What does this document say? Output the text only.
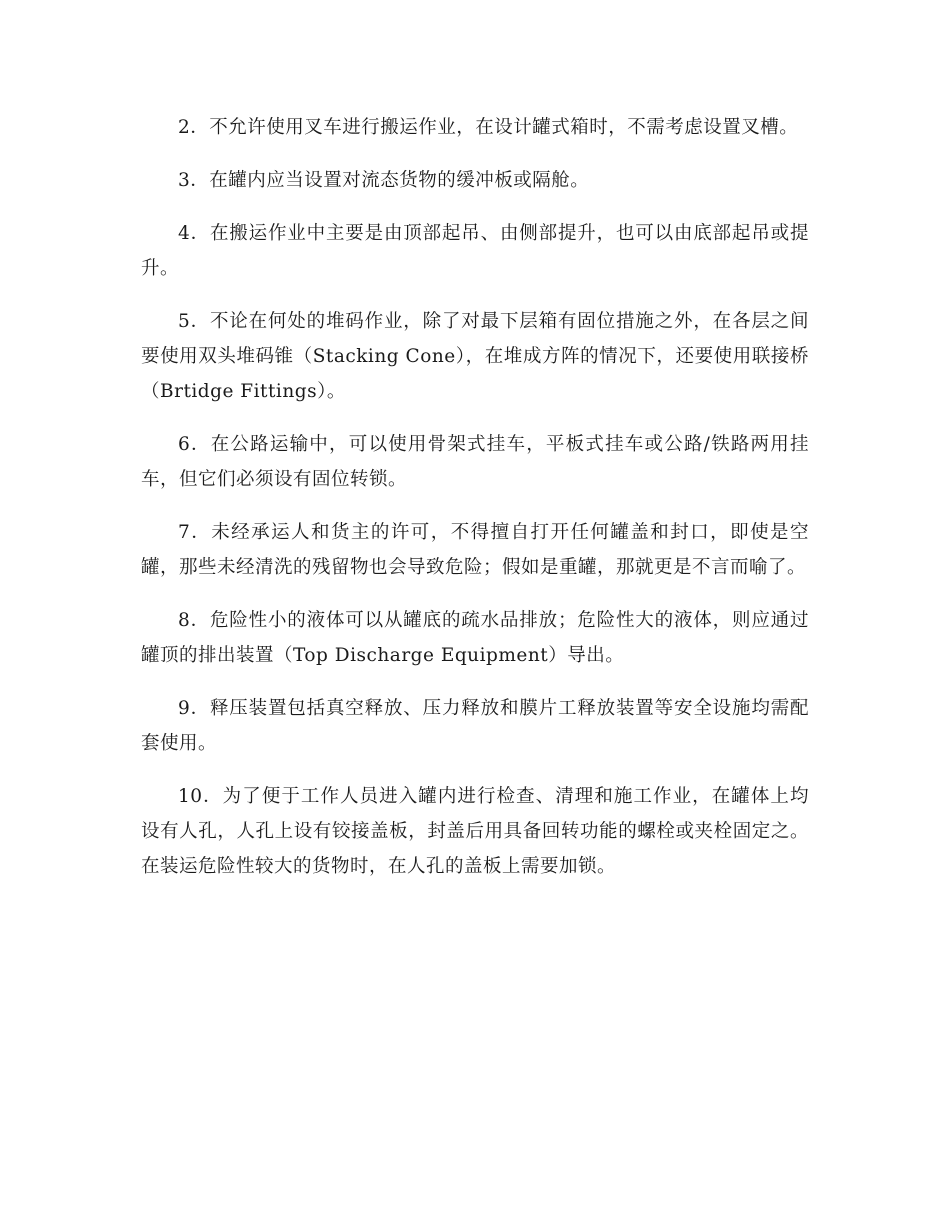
2．不允许使用叉车进行搬运作业，在设计罐式箱时，不需考虑设置叉槽。

3．在罐内应当设置对流态货物的缓冲板或隔舱。

4．在搬运作业中主要是由顶部起吊、由侧部提升，也可以由底部起吊或提升。

5．不论在何处的堆码作业，除了对最下层箱有固位措施之外，在各层之间要使用双头堆码锥（Stacking Cone），在堆成方阵的情况下，还要使用联接桥（Brtidge Fittings）。

6．在公路运输中，可以使用骨架式挂车，平板式挂车或公路/铁路两用挂车，但它们必须设有固位转锁。

7．未经承运人和货主的许可，不得擅自打开任何罐盖和封口，即使是空罐，那些未经清洗的残留物也会导致危险；假如是重罐，那就更是不言而喻了。

8．危险性小的液体可以从罐底的疏水品排放；危险性大的液体，则应通过罐顶的排出装置（Top Discharge Equipment）导出。

9．释压装置包括真空释放、压力释放和膜片工释放装置等安全设施均需配套使用。

10．为了便于工作人员进入罐内进行检查、清理和施工作业，在罐体上均设有人孔，人孔上设有铰接盖板，封盖后用具备回转功能的螺栓或夹栓固定之。在装运危险性较大的货物时，在人孔的盖板上需要加锁。
